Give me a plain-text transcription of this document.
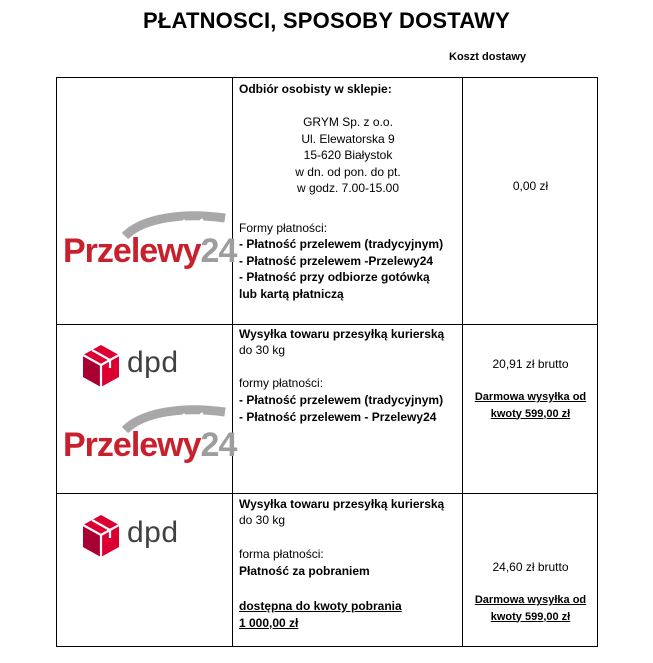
PŁATNOSCI, SPOSOBY DOSTAWY
Koszt dostawy
Przelewy24
Odbiór osobisty w sklepie:
GRYM Sp. z o.o.
Ul. Elewatorska 9
15-620 Białystok
w dn. od pon. do pt.
w godz. 7.00-15.00
Formy płatności:
- Płatność przelewem (tradycyjnym)
- Płatność przelewem -Przelewy24
- Płatność przy odbiorze gotówką
lub kartą płatniczą
0,00 zł
dpd
Przelewy24
Wysyłka towaru przesyłką kurierską
do 30 kg
formy płatności:
- Płatność przelewem (tradycyjnym)
- Płatność przelewem - Przelewy24
20,91 zł brutto
Darmowa wysyłka od
kwoty 599,00 zł
dpd
Wysyłka towaru przesyłką kurierską
do 30 kg
forma płatności:
Płatność za pobraniem
dostępna do kwoty pobrania
1 000,00 zł
24,60 zł brutto
Darmowa wysyłka od
kwoty 599,00 zł
